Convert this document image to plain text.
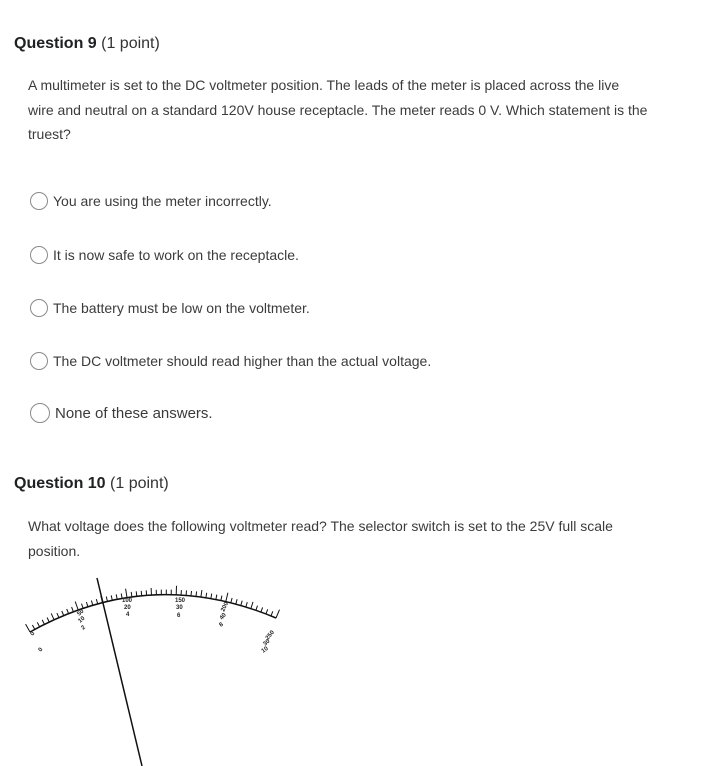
Question 9 (1 point)
A multimeter is set to the DC voltmeter position. The leads of the meter is placed across the live wire and neutral on a standard 120V house receptacle. The meter reads 0 V. Which statement is the truest?
You are using the meter incorrectly.
It is now safe to work on the receptacle.
The battery must be low on the voltmeter.
The DC voltmeter should read higher than the actual voltage.
None of these answers.
Question 10 (1 point)
What voltage does the following voltmeter read? The selector switch is set to the 25V full scale position.
0
0
50
10
2
100
20
4
150
30
6
200
40
8
250
30
10
